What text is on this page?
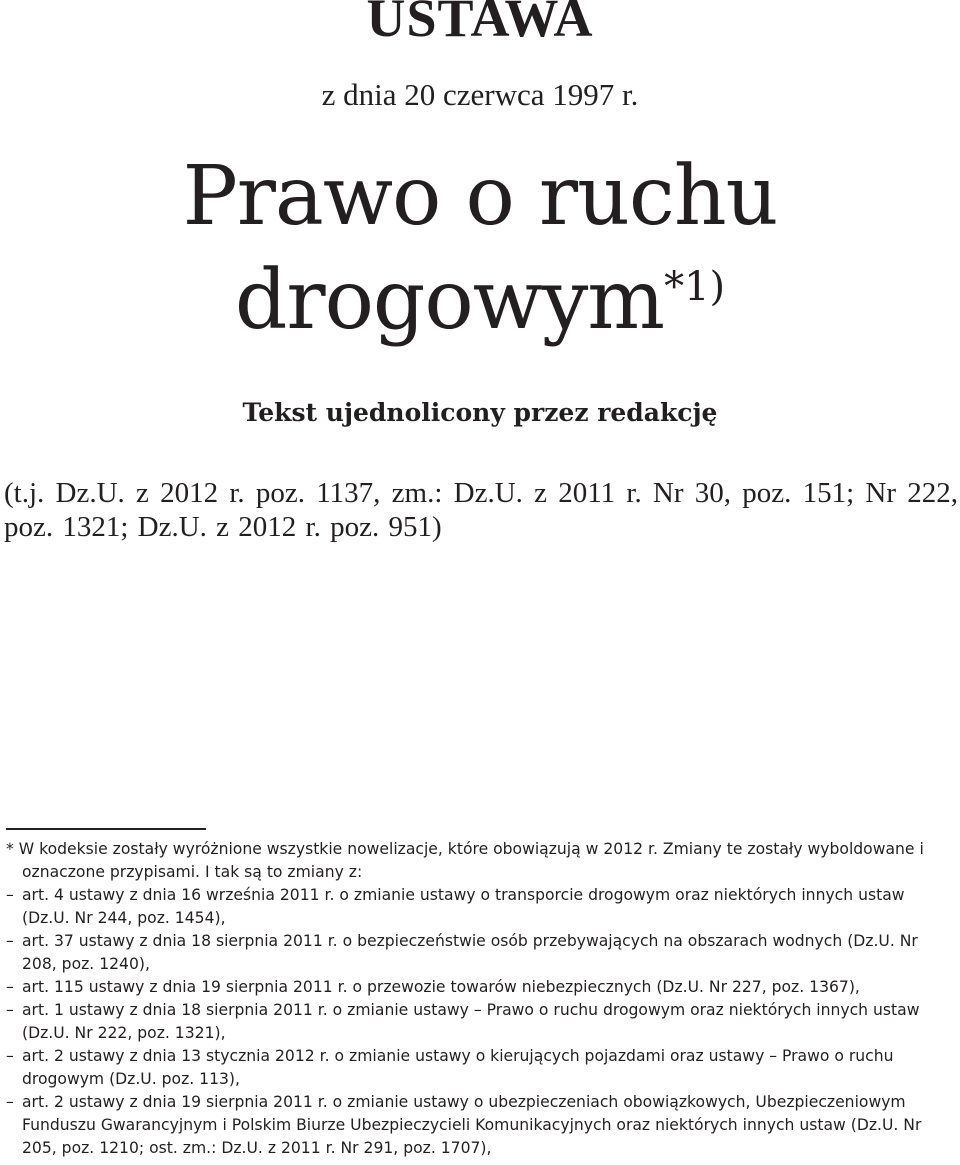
USTAWA

z dnia 20 czerwca 1997 r.

Prawo o ruchu
drogowym$^{*1)}$

Tekst ujednolicony przez redakcję

(t.j. Dz.U. z 2012 r. poz. 1137, zm.: Dz.U. z 2011 r. Nr 30, poz. 151; Nr 222, poz. 1321; Dz.U. z 2012 r. poz. 951)

* W kodeksie zostały wyróżnione wszystkie nowelizacje, które obowiązują w 2012 r. Zmiany te zostały wyboldowane i oznaczone przypisami. I tak są to zmiany z:

– art. 4 ustawy z dnia 16 września 2011 r. o zmianie ustawy o transporcie drogowym oraz niektórych innych ustaw (Dz.U. Nr 244, poz. 1454),
– art. 37 ustawy z dnia 18 sierpnia 2011 r. o bezpieczeństwie osób przebywających na obszarach wodnych (Dz.U. Nr 208, poz. 1240),
– art. 115 ustawy z dnia 19 sierpnia 2011 r. o przewozie towarów niebezpiecznych (Dz.U. Nr 227, poz. 1367),
– art. 1 ustawy z dnia 18 sierpnia 2011 r. o zmianie ustawy – Prawo o ruchu drogowym oraz niektórych innych ustaw (Dz.U. Nr 222, poz. 1321),
– art. 2 ustawy z dnia 13 stycznia 2012 r. o zmianie ustawy o kierujących pojazdami oraz ustawy – Prawo o ruchu drogowym (Dz.U. poz. 113),
– art. 2 ustawy z dnia 19 sierpnia 2011 r. o zmianie ustawy o ubezpieczeniach obowiązkowych, Ubezpieczeniowym Funduszu Gwarancyjnym i Polskim Biurze Ubezpieczycieli Komunikacyjnych oraz niektórych innych ustaw (Dz.U. Nr 205, poz. 1210; ost. zm.: Dz.U. z 2011 r. Nr 291, poz. 1707),
